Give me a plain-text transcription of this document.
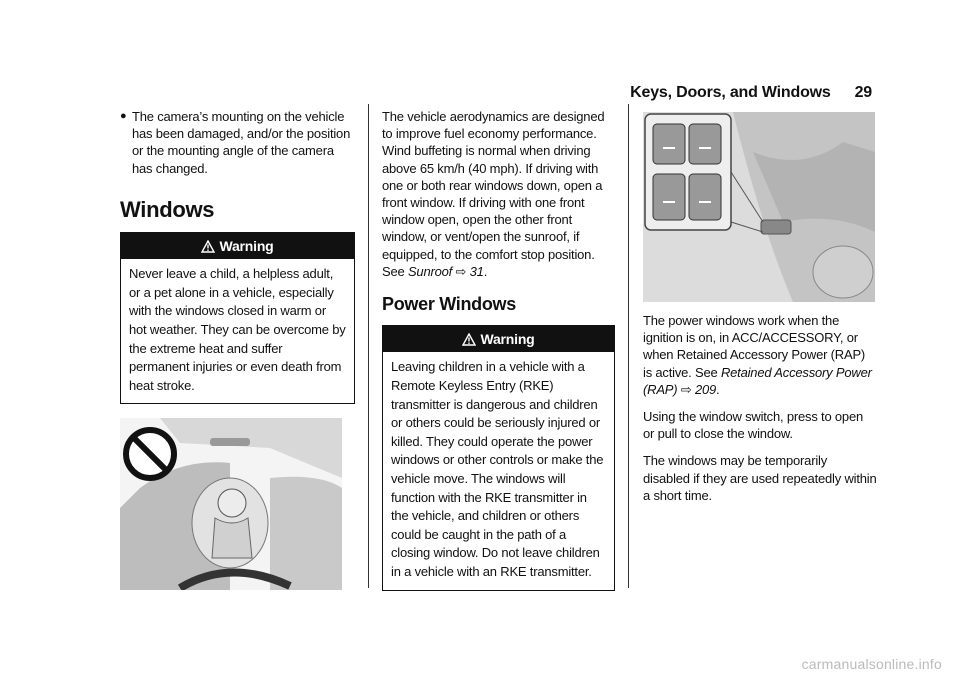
Keys, Doors, and Windows 29
● The camera’s mounting on the vehicle has been damaged, and/or the position or the mounting angle of the camera has changed.
Windows
Warning
Never leave a child, a helpless adult, or a pet alone in a vehicle, especially with the windows closed in warm or hot weather. They can be overcome by the extreme heat and suffer permanent injuries or even death from heat stroke.

The vehicle aerodynamics are designed to improve fuel economy performance. Wind buffeting is normal when driving above 65 km/h (40 mph). If driving with one or both rear windows down, open a front window. If driving with one front window open, open the other front window, or vent/open the sunroof, if equipped, to the comfort stop position. See Sunroof ⇨ 31.

Power Windows
Warning
Leaving children in a vehicle with a Remote Keyless Entry (RKE) transmitter is dangerous and children or others could be seriously injured or killed. They could operate the power windows or other controls or make the vehicle move. The windows will function with the RKE transmitter in the vehicle, and children or others could be caught in the path of a closing window. Do not leave children in a vehicle with an RKE transmitter.

The power windows work when the ignition is on, in ACC/ACCESSORY, or when Retained Accessory Power (RAP) is active. See Retained Accessory Power (RAP) ⇨ 209.

Using the window switch, press to open or pull to close the window.

The windows may be temporarily disabled if they are used repeatedly within a short time.

carmanualsonline.info
